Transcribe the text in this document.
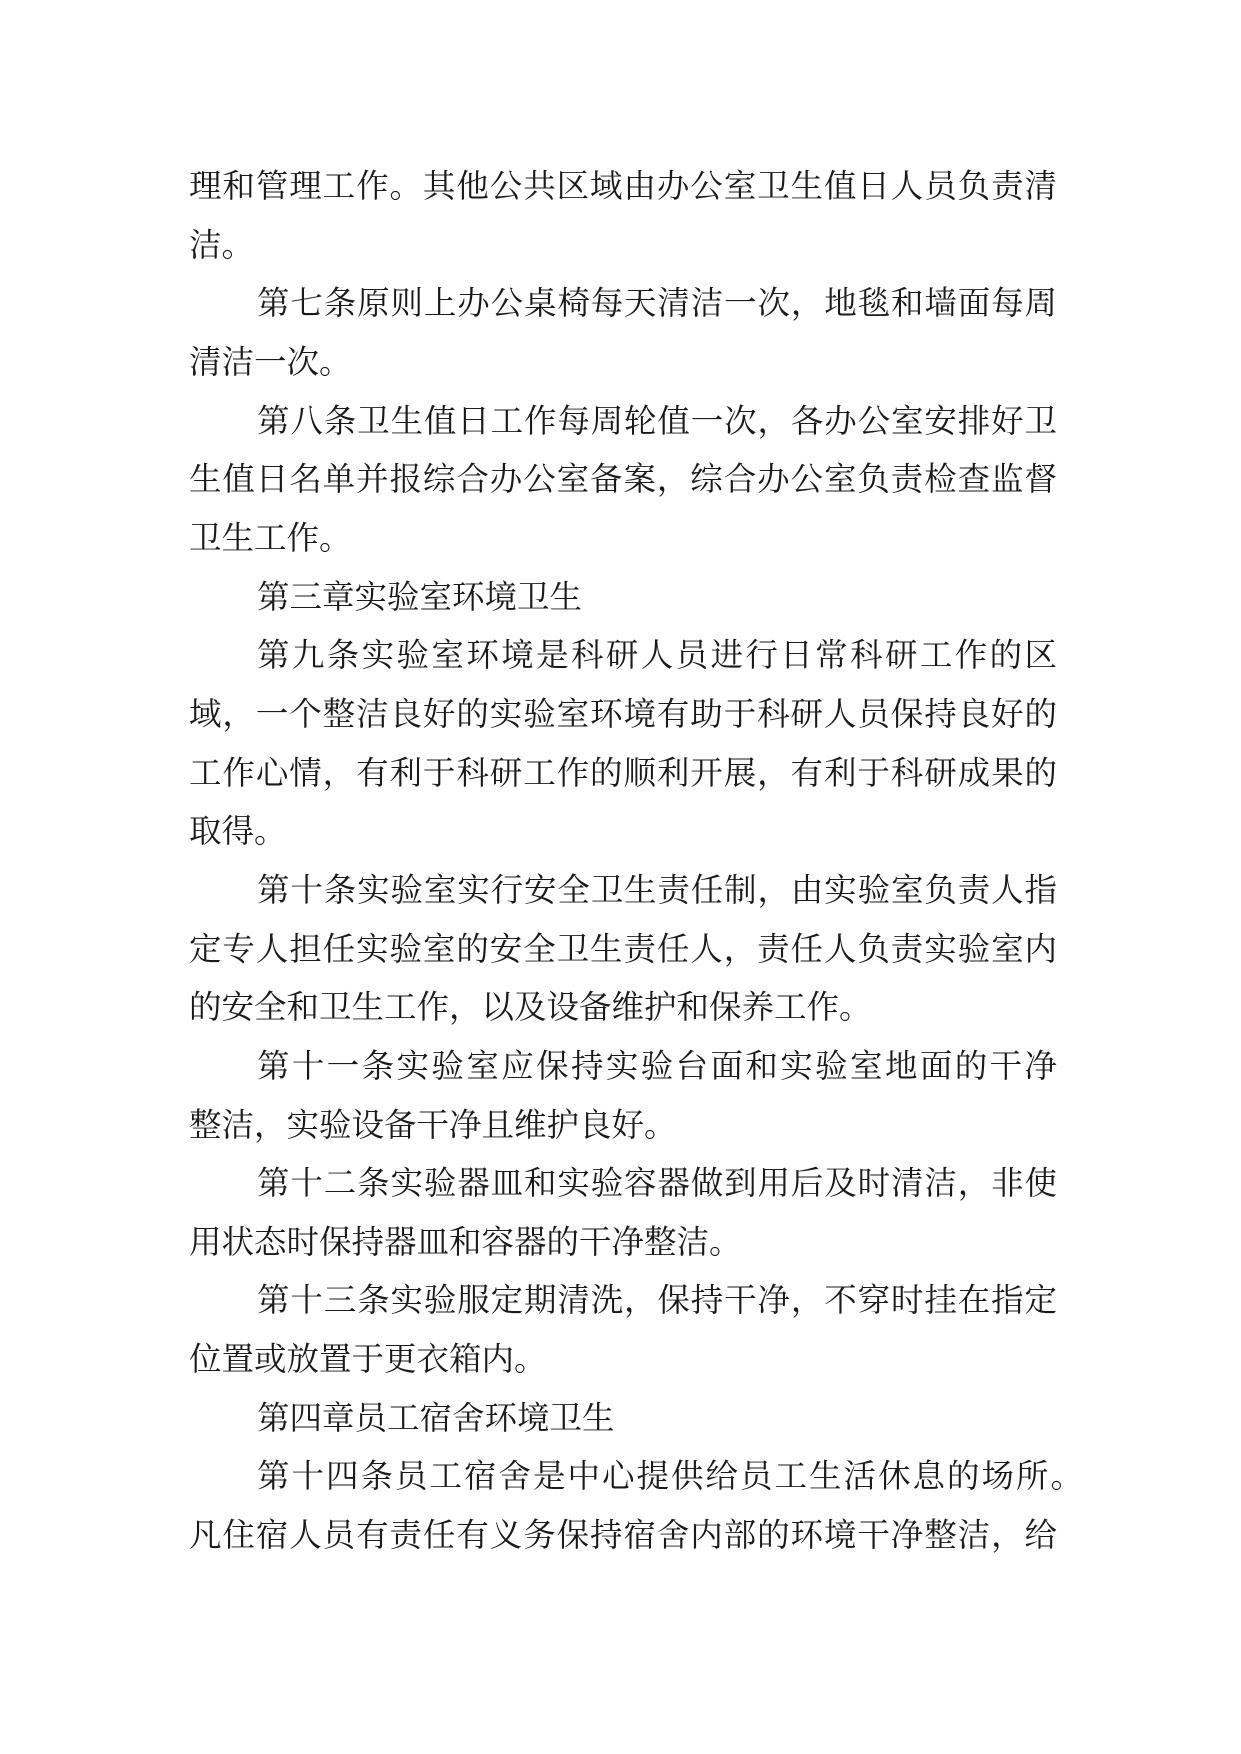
理和管理工作。其他公共区域由办公室卫生值日人员负责清
洁。
第七条原则上办公桌椅每天清洁一次，地毯和墙面每周
清洁一次。
第八条卫生值日工作每周轮值一次，各办公室安排好卫
生值日名单并报综合办公室备案，综合办公室负责检查监督
卫生工作。
第三章实验室环境卫生
第九条实验室环境是科研人员进行日常科研工作的区
域，一个整洁良好的实验室环境有助于科研人员保持良好的
工作心情，有利于科研工作的顺利开展，有利于科研成果的
取得。
第十条实验室实行安全卫生责任制，由实验室负责人指
定专人担任实验室的安全卫生责任人，责任人负责实验室内
的安全和卫生工作，以及设备维护和保养工作。
第十一条实验室应保持实验台面和实验室地面的干净
整洁，实验设备干净且维护良好。
第十二条实验器皿和实验容器做到用后及时清洁，非使
用状态时保持器皿和容器的干净整洁。
第十三条实验服定期清洗，保持干净，不穿时挂在指定
位置或放置于更衣箱内。
第四章员工宿舍环境卫生
第十四条员工宿舍是中心提供给员工生活休息的场所。
凡住宿人员有责任有义务保持宿舍内部的环境干净整洁，给
